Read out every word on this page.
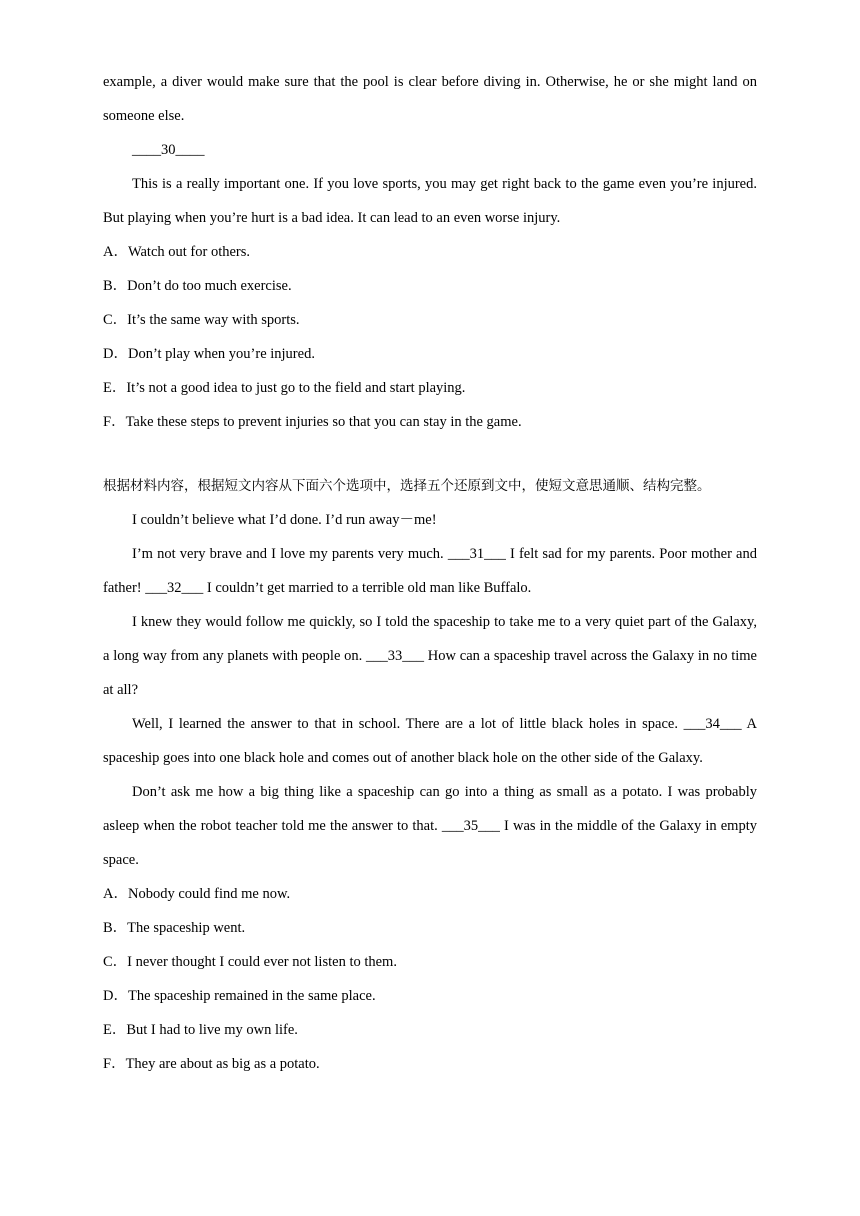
example, a diver would make sure that the pool is clear before diving in. Otherwise, he or she might land on someone else.

____30____

This is a really important one. If you love sports, you may get right back to the game even you’re injured. But playing when you’re hurt is a bad idea. It can lead to an even worse injury.

A．Watch out for others.

B．Don’t do too much exercise.

C．It’s the same way with sports.

D．Don’t play when you’re injured.

E．It’s not a good idea to just go to the field and start playing.

F．Take these steps to prevent injuries so that you can stay in the game.

根据材料内容，根据短文内容从下面六个选项中，选择五个还原到文中，使短文意思通顺、结构完整。

I couldn’t believe what I’d done. I’d run away－me!

I’m not very brave and I love my parents very much. ___31___ I felt sad for my parents. Poor mother and father! ___32___ I couldn’t get married to a terrible old man like Buffalo.

I knew they would follow me quickly, so I told the spaceship to take me to a very quiet part of the Galaxy, a long way from any planets with people on. ___33___ How can a spaceship travel across the Galaxy in no time at all?

Well, I learned the answer to that in school. There are a lot of little black holes in space. ___34___ A spaceship goes into one black hole and comes out of another black hole on the other side of the Galaxy.

Don’t ask me how a big thing like a spaceship can go into a thing as small as a potato. I was probably asleep when the robot teacher told me the answer to that. ___35___ I was in the middle of the Galaxy in empty space.

A．Nobody could find me now.

B．The spaceship went.

C．I never thought I could ever not listen to them.

D．The spaceship remained in the same place.

E．But I had to live my own life.

F．They are about as big as a potato.
